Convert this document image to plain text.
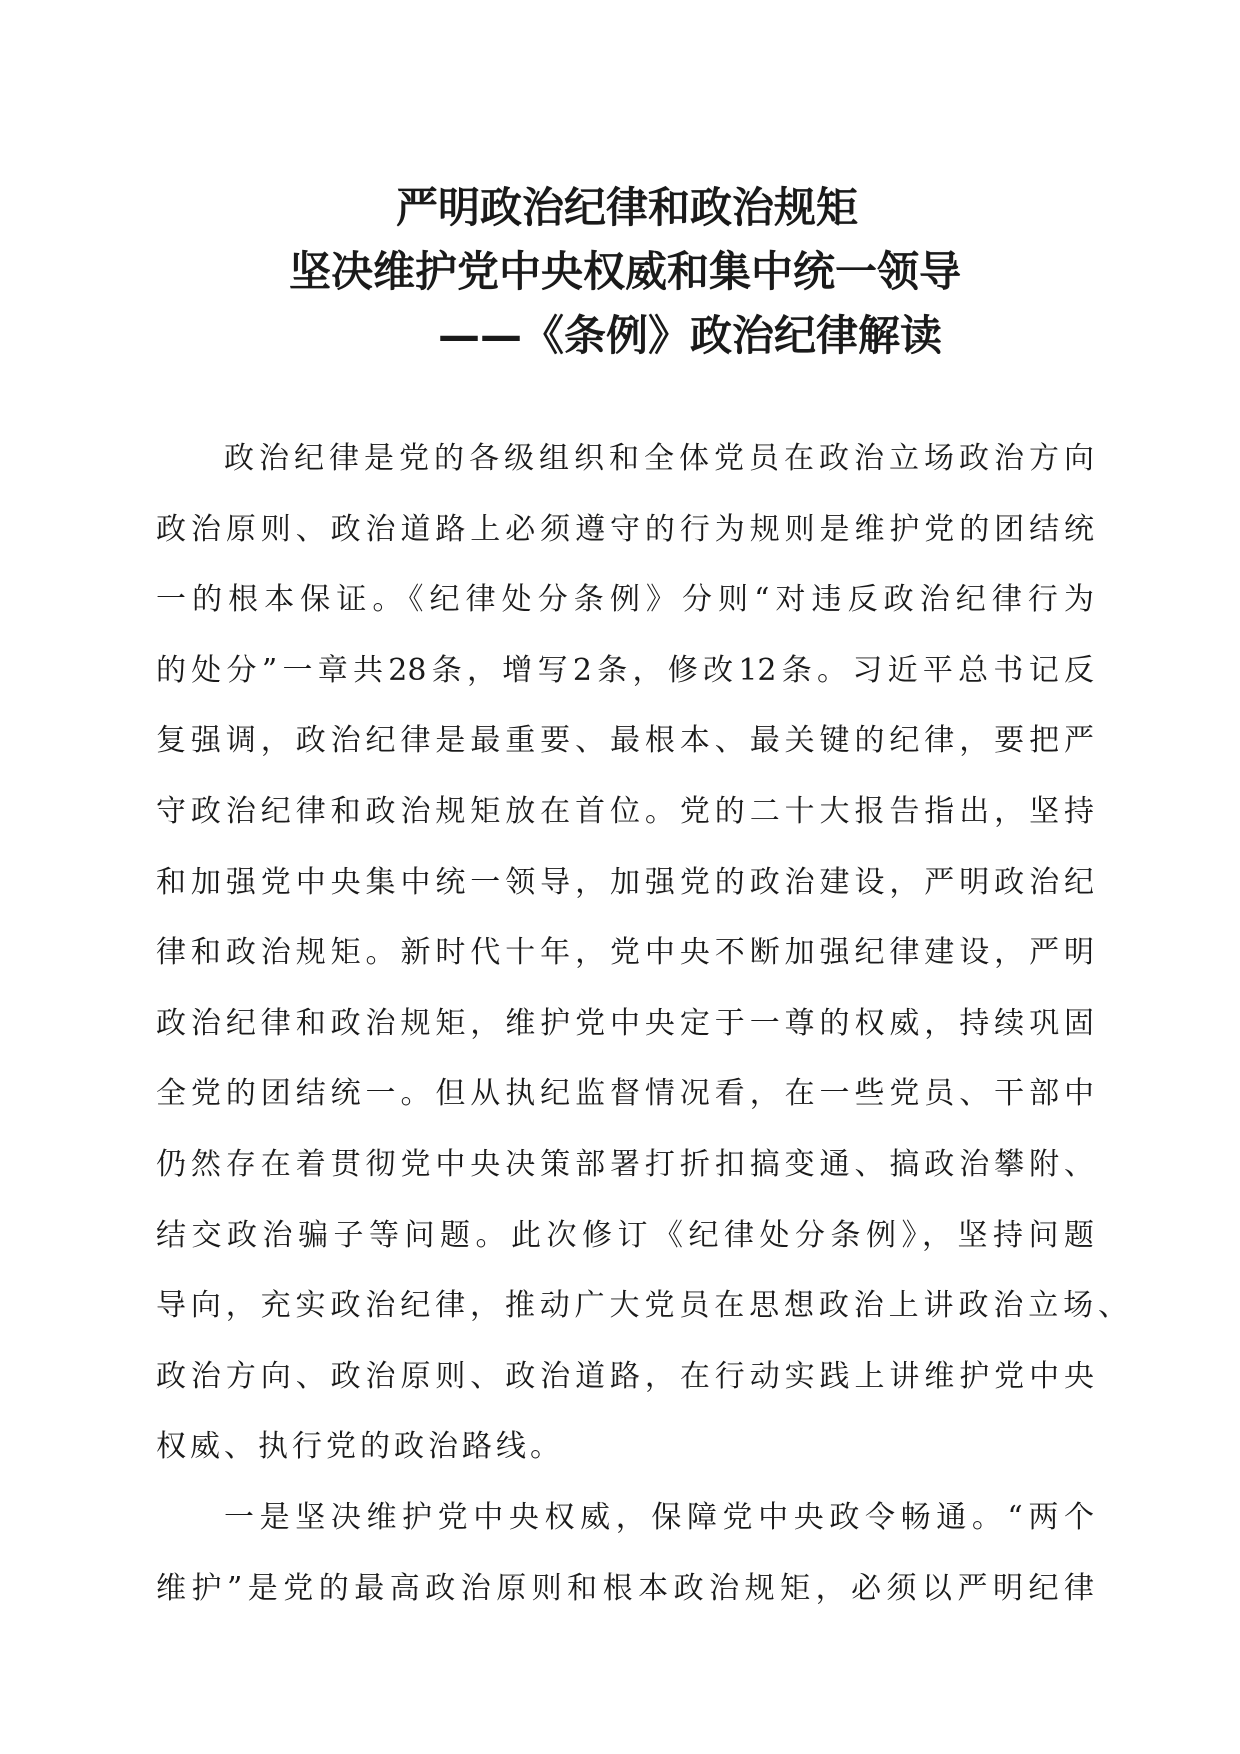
严明政治纪律和政治规矩
坚决维护党中央权威和集中统一领导
——《条例》政治纪律解读
政治纪律是党的各级组织和全体党员在政治立场政治方向
政治原则、政治道路上必须遵守的行为规则是维护党的团结统
一的根本保证。《纪律处分条例》分则“对违反政治纪律行为
的处分”一章共28条，增写2条，修改12条。习近平总书记反
复强调，政治纪律是最重要、最根本、最关键的纪律，要把严
守政治纪律和政治规矩放在首位。党的二十大报告指出，坚持
和加强党中央集中统一领导，加强党的政治建设，严明政治纪
律和政治规矩。新时代十年，党中央不断加强纪律建设，严明
政治纪律和政治规矩，维护党中央定于一尊的权威，持续巩固
全党的团结统一。但从执纪监督情况看，在一些党员、干部中
仍然存在着贯彻党中央决策部署打折扣搞变通、搞政治攀附、
结交政治骗子等问题。此次修订《纪律处分条例》，坚持问题
导向，充实政治纪律，推动广大党员在思想政治上讲政治立场、
政治方向、政治原则、政治道路，在行动实践上讲维护党中央
权威、执行党的政治路线。
一是坚决维护党中央权威，保障党中央政令畅通。“两个
维护”是党的最高政治原则和根本政治规矩，必须以严明纪律
